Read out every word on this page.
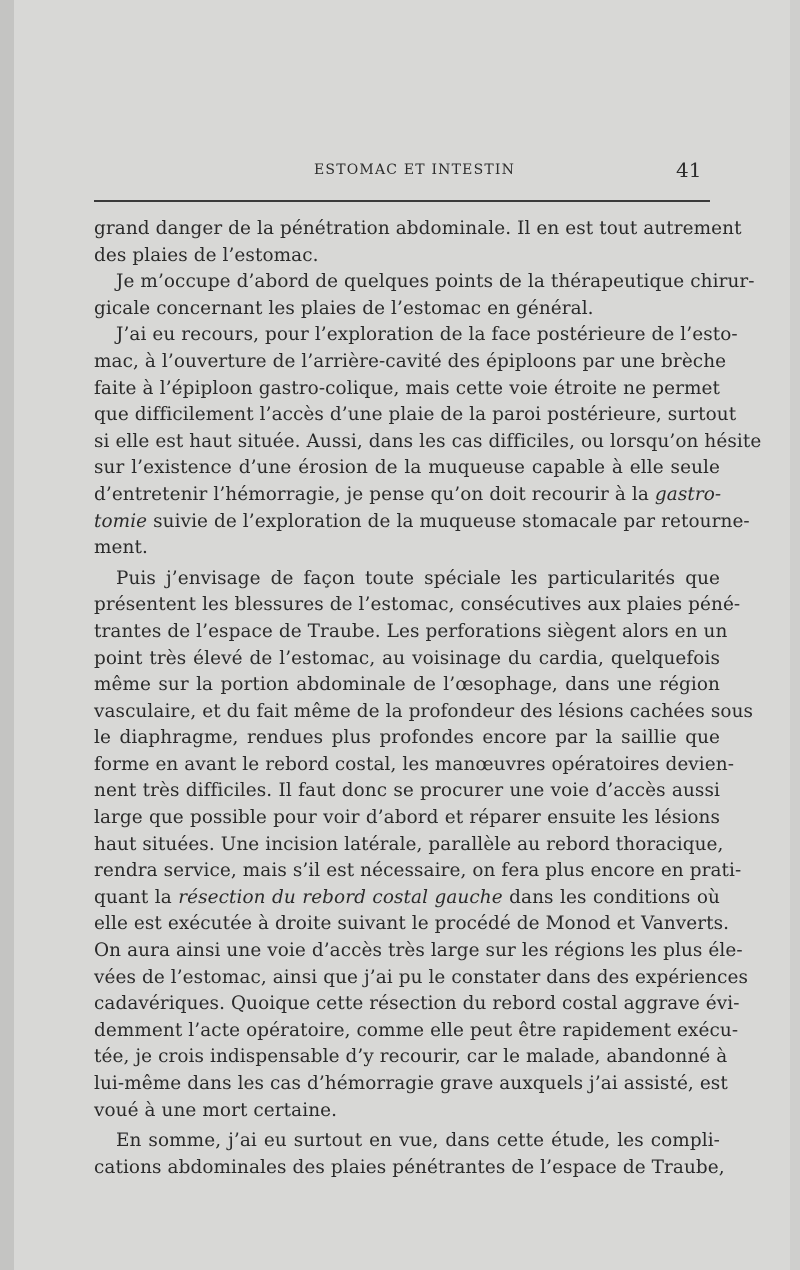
ESTOMAC ET INTESTIN	41
grand danger de la pénétration abdominale. Il en est tout autrement
des plaies de l’estomac.
Je m’occupe d’abord de quelques points de la thérapeutique chirur-
gicale concernant les plaies de l’estomac en général.
J’ai eu recours, pour l’exploration de la face postérieure de l’esto-
mac, à l’ouverture de l’arrière-cavité des épiploons par une brèche
faite à l’épiploon gastro-colique, mais cette voie étroite ne permet
que difficilement l’accès d’une plaie de la paroi postérieure, surtout
si elle est haut située. Aussi, dans les cas difficiles, ou lorsqu’on hésite
sur l’existence d’une érosion de la muqueuse capable à elle seule
d’entretenir l’hémorragie, je pense qu’on doit recourir à la gastro-
tomie suivie de l’exploration de la muqueuse stomacale par retourne-
ment.
Puis j’envisage de façon toute spéciale les particularités que
présentent les blessures de l’estomac, consécutives aux plaies péné-
trantes de l’espace de Traube. Les perforations siègent alors en un
point très élevé de l’estomac, au voisinage du cardia, quelquefois
même sur la portion abdominale de l’œsophage, dans une région
vasculaire, et du fait même de la profondeur des lésions cachées sous
le diaphragme, rendues plus profondes encore par la saillie que
forme en avant le rebord costal, les manœuvres opératoires devien-
nent très difficiles. Il faut donc se procurer une voie d’accès aussi
large que possible pour voir d’abord et réparer ensuite les lésions
haut situées. Une incision latérale, parallèle au rebord thoracique,
rendra service, mais s’il est nécessaire, on fera plus encore en prati-
quant la résection du rebord costal gauche dans les conditions où
elle est exécutée à droite suivant le procédé de Monod et Vanverts.
On aura ainsi une voie d’accès très large sur les régions les plus éle-
vées de l’estomac, ainsi que j’ai pu le constater dans des expériences
cadavériques. Quoique cette résection du rebord costal aggrave évi-
demment l’acte opératoire, comme elle peut être rapidement exécu-
tée, je crois indispensable d’y recourir, car le malade, abandonné à
lui-même dans les cas d’hémorragie grave auxquels j’ai assisté, est
voué à une mort certaine.
En somme, j’ai eu surtout en vue, dans cette étude, les compli-
cations abdominales des plaies pénétrantes de l’espace de Traube,
